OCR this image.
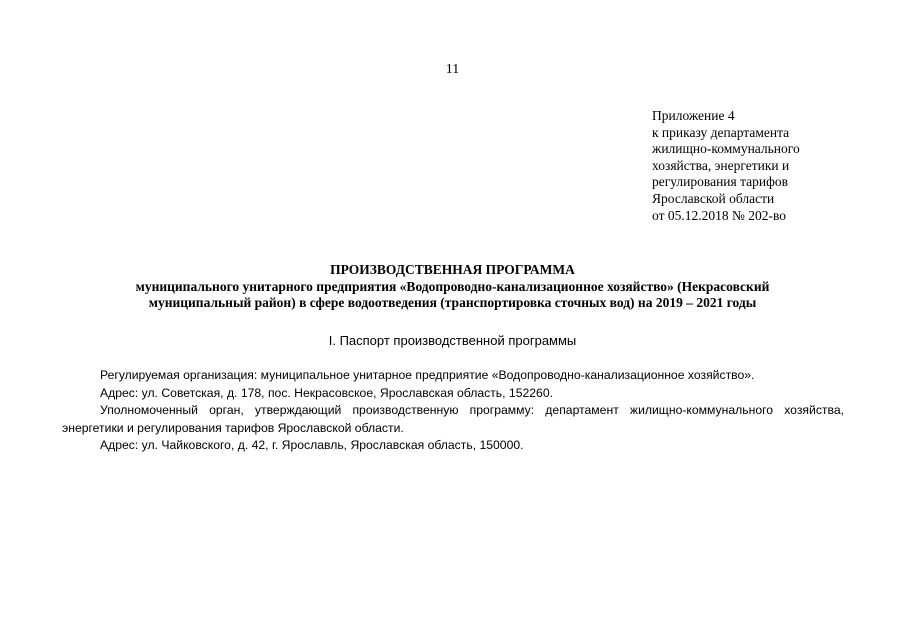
11
Приложение 4
к приказу департамента
жилищно-коммунального
хозяйства, энергетики и
регулирования тарифов
Ярославской области
от 05.12.2018 № 202-во
ПРОИЗВОДСТВЕННАЯ ПРОГРАММА
муниципального унитарного предприятия «Водопроводно-канализационное хозяйство» (Некрасовский
муниципальный район) в сфере водоотведения (транспортировка сточных вод) на 2019 – 2021 годы
I. Паспорт производственной программы

Регулируемая организация: муниципальное унитарное предприятие «Водопроводно-канализационное хозяйство».

Адрес: ул. Советская, д. 178, пос. Некрасовское, Ярославская область, 152260.

Уполномоченный орган, утверждающий производственную программу: департамент жилищно-коммунального хозяйства, энергетики и регулирования тарифов Ярославской области.

Адрес: ул. Чайковского, д. 42, г. Ярославль, Ярославская область, 150000.
